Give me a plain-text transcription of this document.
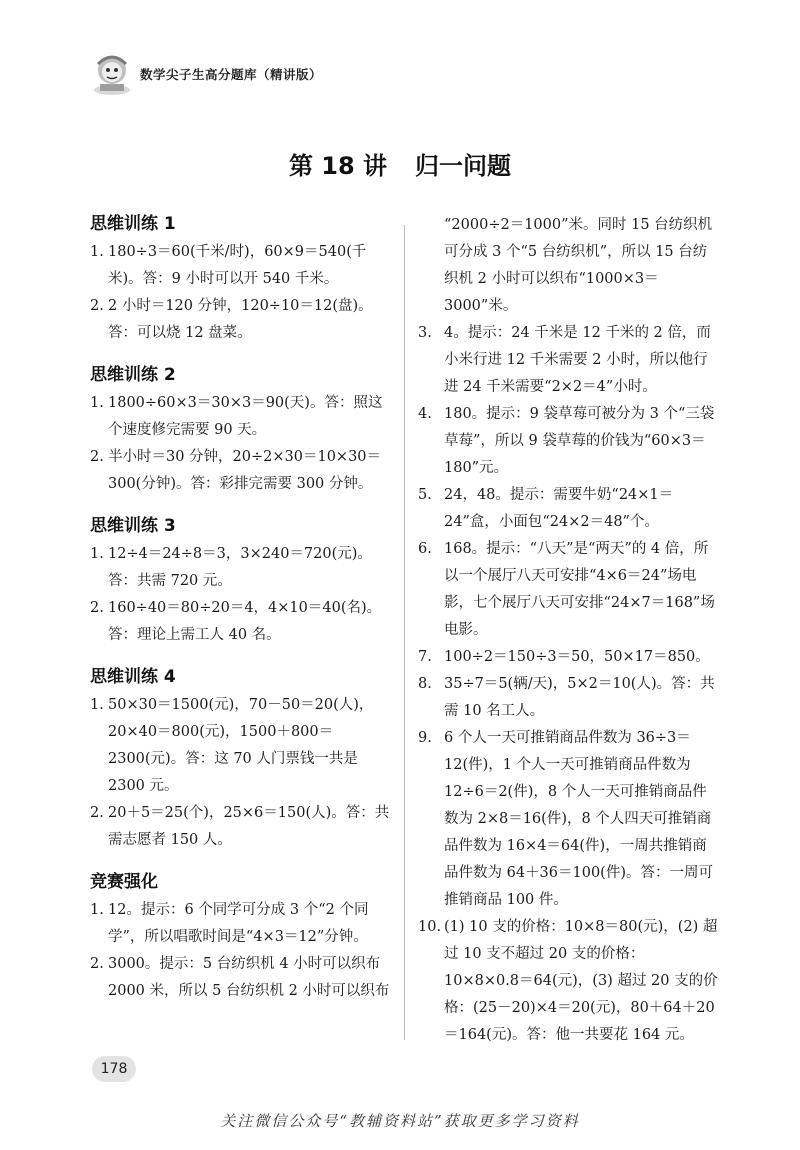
数学尖子生高分题库（精讲版）
第 18 讲 归一问题
思维训练 1
1. 180÷3＝60(千米/时)，60×9＝540(千米)。答：9 小时可以开 540 千米。
2. 2 小时＝120 分钟，120÷10＝12(盘)。答：可以烧 12 盘菜。
思维训练 2
1. 1800÷60×3＝30×3＝90(天)。答：照这个速度修完需要 90 天。
2. 半小时＝30 分钟，20÷2×30＝10×30＝300(分钟)。答：彩排完需要 300 分钟。
思维训练 3
1. 12÷4＝24÷8＝3，3×240＝720(元)。答：共需 720 元。
2. 160÷40＝80÷20＝4，4×10＝40(名)。答：理论上需工人 40 名。
思维训练 4
1. 50×30＝1500(元)，70－50＝20(人)，20×40＝800(元)，1500＋800＝2300(元)。答：这 70 人门票钱一共是 2300 元。
2. 20＋5＝25(个)，25×6＝150(人)。答：共需志愿者 150 人。
竞赛强化
1. 12。提示：6 个同学可分成 3 个“2 个同学”，所以唱歌时间是“4×3＝12”分钟。
2. 3000。提示：5 台纺织机 4 小时可以织布 2000 米，所以 5 台纺织机 2 小时可以织布
“2000÷2＝1000”米。同时 15 台纺织机可分成 3 个“5 台纺织机”，所以 15 台纺织机 2 小时可以织布“1000×3＝3000”米。
3. 4。提示：24 千米是 12 千米的 2 倍，而小米行进 12 千米需要 2 小时，所以他行进 24 千米需要“2×2＝4”小时。
4. 180。提示：9 袋草莓可被分为 3 个“三袋草莓”，所以 9 袋草莓的价钱为“60×3＝180”元。
5. 24，48。提示：需要牛奶“24×1＝24”盒，小面包“24×2＝48”个。
6. 168。提示：“八天”是“两天”的 4 倍，所以一个展厅八天可安排“4×6＝24”场电影，七个展厅八天可安排“24×7＝168”场电影。
7. 100÷2＝150÷3＝50，50×17＝850。
8. 35÷7＝5(辆/天)，5×2＝10(人)。答：共需 10 名工人。
9. 6 个人一天可推销商品件数为 36÷3＝12(件)，1 个人一天可推销商品件数为 12÷6＝2(件)，8 个人一天可推销商品件数为 2×8＝16(件)，8 个人四天可推销商品件数为 16×4＝64(件)，一周共推销商品件数为 64＋36＝100(件)。答：一周可推销商品 100 件。
10. (1) 10 支的价格：10×8＝80(元)，(2) 超过 10 支不超过 20 支的价格：10×8×0.8＝64(元)，(3) 超过 20 支的价格：(25－20)×4＝20(元)，80＋64＋20＝164(元)。答：他一共要花 164 元。
178
关注微信公众号“教辅资料站”获取更多学习资料
